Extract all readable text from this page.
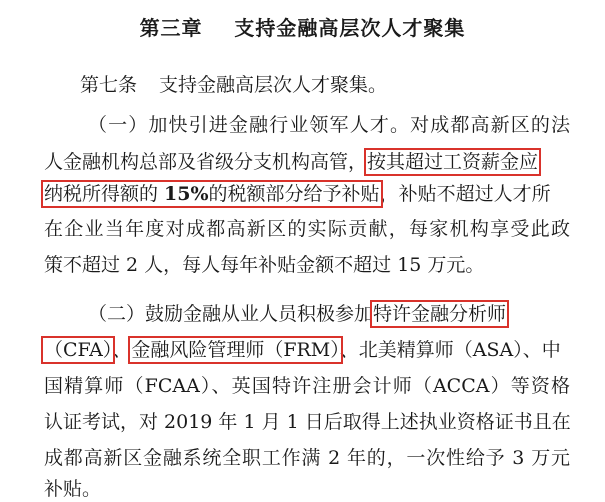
第三章    支持金融高层次人才聚集
第七条 支持金融高层次人才聚集。
（一）加快引进金融行业领军人才。对成都高新区的法
人金融机构总部及省级分支机构高管，按其超过工资薪金应
纳税所得额的 15%的税额部分给予补贴，补贴不超过人才所
在企业当年度对成都高新区的实际贡献，每家机构享受此政
策不超过 2 人，每人每年补贴金额不超过 15 万元。
（二）鼓励金融从业人员积极参加特许金融分析师
（CFA）、金融风险管理师（FRM）、北美精算师（ASA）、中
国精算师（FCAA）、英国特许注册会计师（ACCA）等资格
认证考试，对 2019 年 1 月 1 日后取得上述执业资格证书且在
成都高新区金融系统全职工作满 2 年的，一次性给予 3 万元
补贴。
